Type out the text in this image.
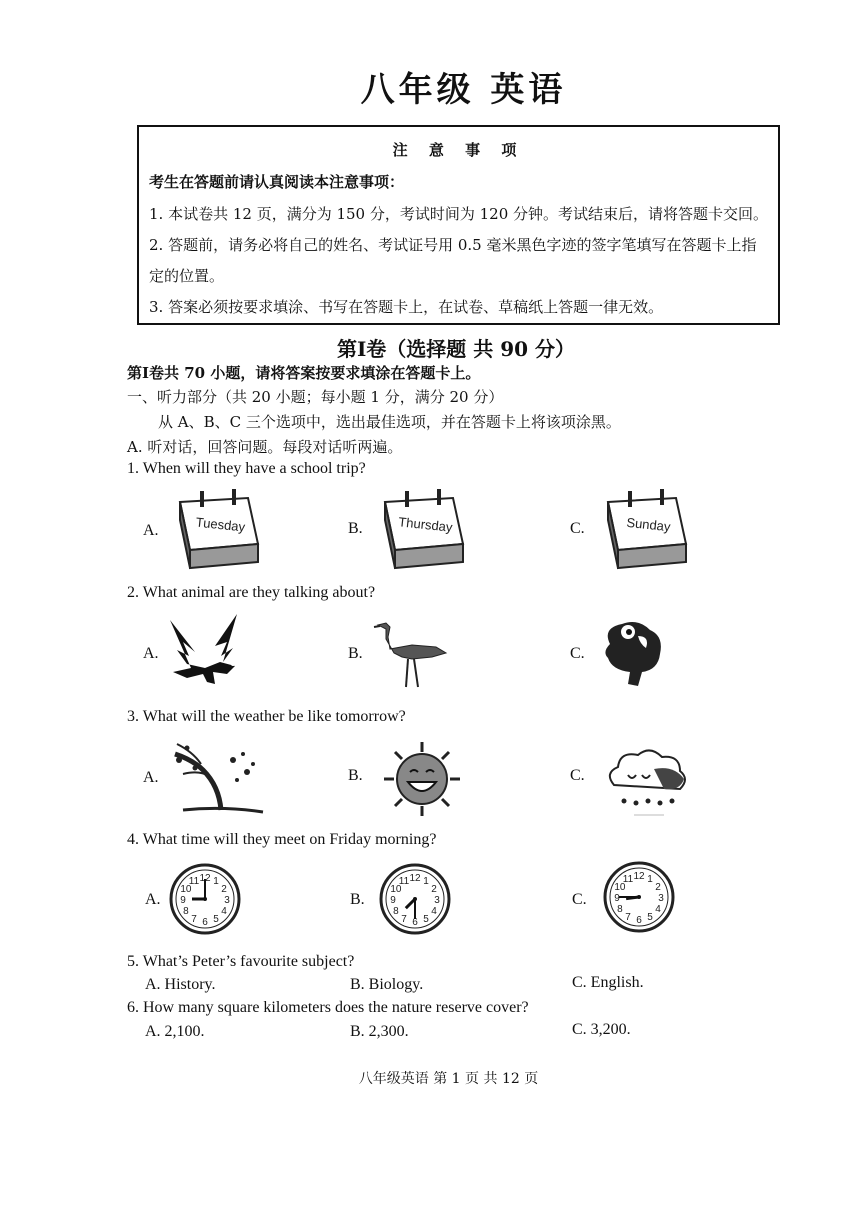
八年级 英语
注 意 事 项
考生在答题前请认真阅读本注意事项：
1. 本试卷共 12 页，满分为 150 分，考试时间为 120 分钟。考试结束后，请将答题卡交回。
2. 答题前，请务必将自己的姓名、考试证号用 0.5 毫米黑色字迹的签字笔填写在答题卡上指
定的位置。
3. 答案必须按要求填涂、书写在答题卡上，在试卷、草稿纸上答题一律无效。
第Ⅰ卷（选择题 共 90 分）
第Ⅰ卷共 70 小题，请将答案按要求填涂在答题卡上。
一、听力部分（共 20 小题；每小题 1 分，满分 20 分）
从 A、B、C 三个选项中，选出最佳选项，并在答题卡上将该项涂黑。
A. 听对话，回答问题。每段对话听两遍。
1. When will they have a school trip?
A.	B.	C.
Tuesday	Thursday	Sunday
2. What animal are they talking about?
A.	B.	C.
3. What will the weather be like tomorrow?
A.	B.	C.
4. What time will they meet on Friday morning?
A.	B.	C.
1
2
3
4
5
6
7
8
9
10
11 12	1
2
3
4
5
6
7
8
9
10
11 12	1
2
3
4
5
6
7
8
9
10
11 12
5. What’s Peter’s favourite subject?
A. History.	B. Biology.	C. English.
6. How many square kilometers does the nature reserve cover?
A. 2,100.	B. 2,300.	C. 3,200.
八年级英语 第 1 页 共 12 页
